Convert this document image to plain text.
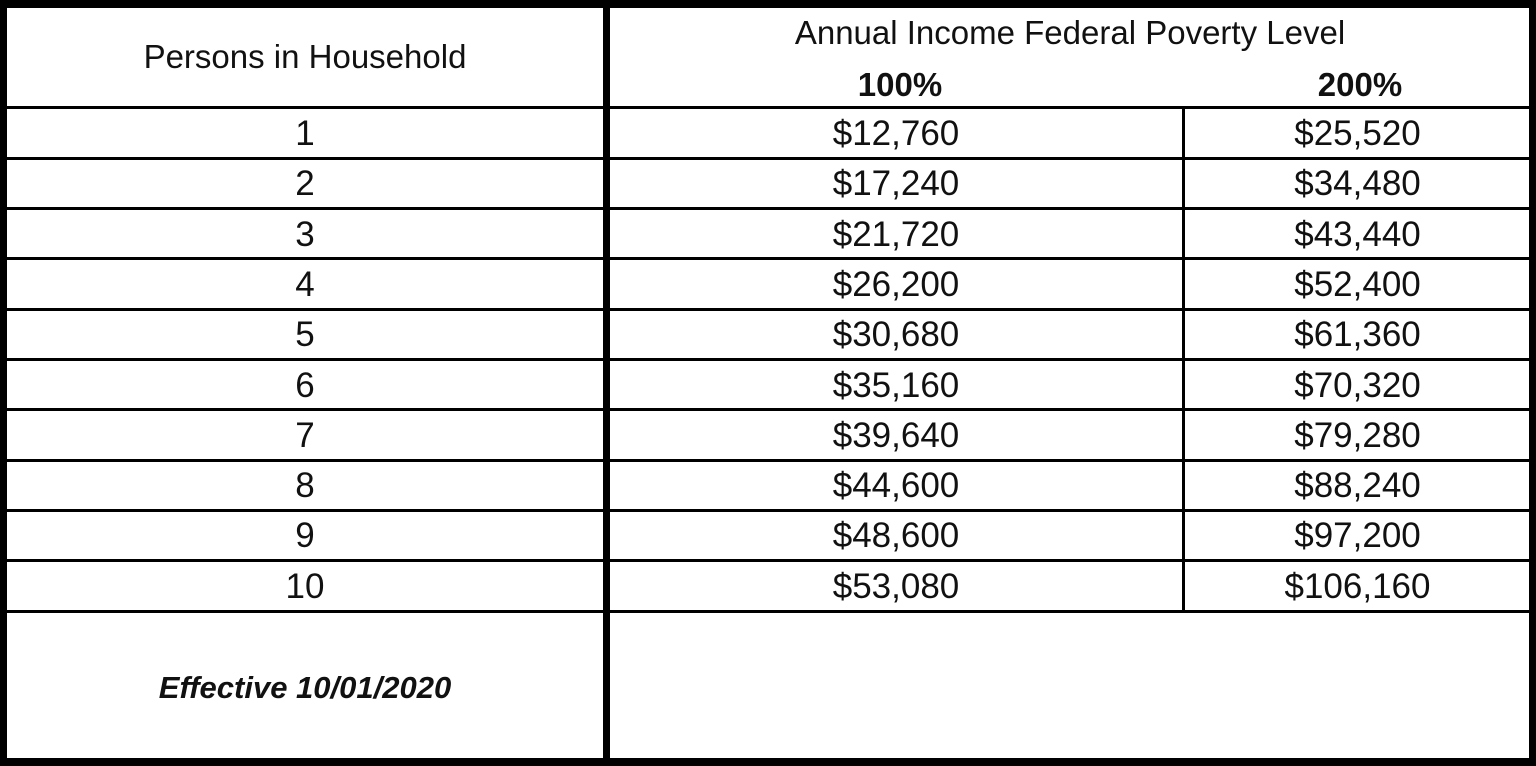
Persons in Household
Annual Income Federal Poverty Level
100%	200%
1	$12,760	$25,520
2	$17,240	$34,480
3	$21,720	$43,440
4	$26,200	$52,400
5	$30,680	$61,360
6	$35,160	$70,320
7	$39,640	$79,280
8	$44,600	$88,240
9	$48,600	$97,200
10	$53,080	$106,160
Effective 10/01/2020
